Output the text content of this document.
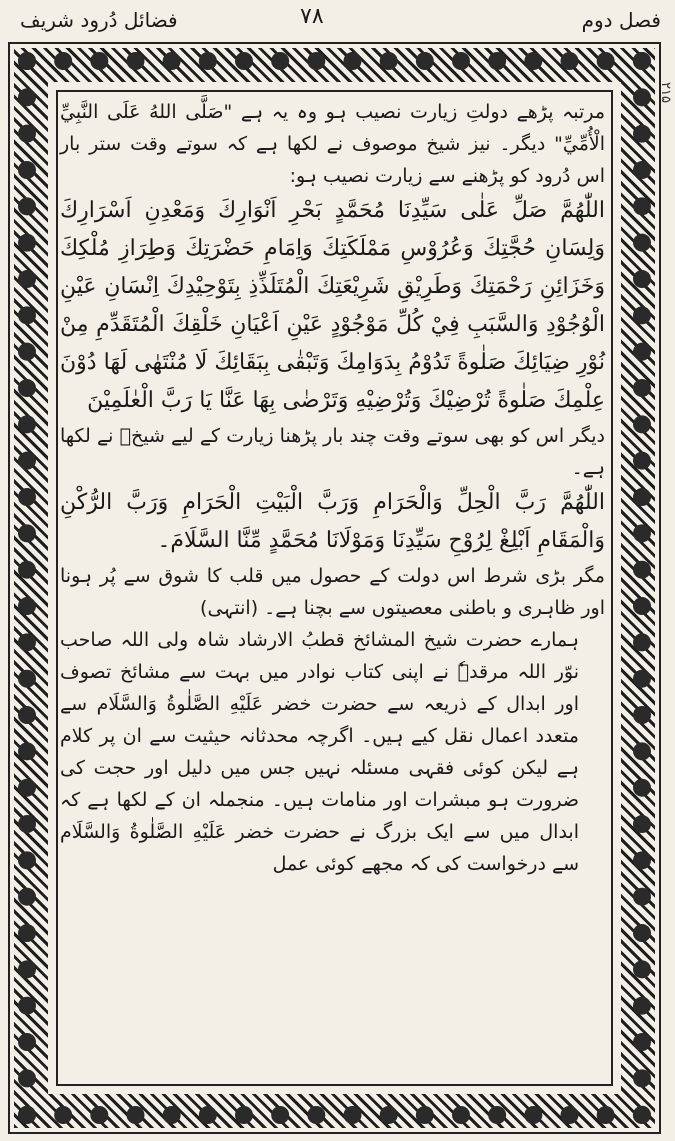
فصل دوم
۷۸
فضائل دُرود شریف
۲۱۵

مرتبہ پڑھے دولتِ زیارت نصیب ہو وہ یہ ہے "صَلَّى اللهُ عَلَى النَّبِيِّ الْأُمِّيِّ" دیگر۔ نیز شیخ موصوف نے لکھا ہے کہ سوتے وقت ستر بار اس دُرود کو پڑھنے سے زیارت نصیب ہو:

اللّٰهُمَّ صَلِّ عَلٰى سَيِّدِنَا مُحَمَّدٍ بَحْرِ اَنْوَارِكَ وَمَعْدِنِ اَسْرَارِكَ وَلِسَانِ حُجَّتِكَ وَعُرُوْسِ مَمْلَكَتِكَ وَاِمَامِ حَضْرَتِكَ وَطِرَازِ مُلْكِكَ وَخَزَائِنِ رَحْمَتِكَ وَطَرِيْقِ شَرِيْعَتِكَ الْمُتَلَذِّذِ بِتَوْحِيْدِكَ اِنْسَانِ عَيْنِ الْوُجُوْدِ وَالسَّبَبِ فِيْ كُلِّ مَوْجُوْدٍ عَيْنِ اَعْيَانِ خَلْقِكَ الْمُتَقَدِّمِ مِنْ نُوْرِ ضِيَائِكَ صَلٰوةً تَدُوْمُ بِدَوَامِكَ وَتَبْقٰى بِبَقَائِكَ لَا مُنْتَهٰى لَهَا دُوْنَ عِلْمِكَ صَلٰوةً تُرْضِيْكَ وَتُرْضِيْهِ وَتَرْضٰى بِهَا عَنَّا يَا رَبَّ الْعٰلَمِيْنَ

دیگر اس کو بھی سوتے وقت چند بار پڑھنا زیارت کے لیے شیخؒ نے لکھا ہے۔

اللّٰهُمَّ رَبَّ الْحِلِّ وَالْحَرَامِ وَرَبَّ الْبَيْتِ الْحَرَامِ وَرَبَّ الرُّكْنِ وَالْمَقَامِ اَبْلِغْ لِرُوْحِ سَيِّدِنَا وَمَوْلَانَا مُحَمَّدٍ مِّنَّا السَّلَامَ۔

مگر بڑی شرط اس دولت کے حصول میں قلب کا شوق سے پُر ہونا اور ظاہری و باطنی معصیتوں سے بچنا ہے۔ (انتہی)

ہمارے حضرت شیخ المشائخ قطبُ الارشاد شاہ ولی اللہ صاحب نوّر اللہ مرقدہٗ نے اپنی کتاب نوادر میں بہت سے مشائخ تصوف اور ابدال کے ذریعہ سے حضرت خضر عَلَيْهِ الصَّلٰوةُ وَالسَّلَام سے متعدد اعمال نقل کیے ہیں۔ اگرچہ محدثانہ حیثیت سے ان پر کلام ہے لیکن کوئی فقہی مسئلہ نہیں جس میں دلیل اور حجت کی ضرورت ہو مبشرات اور منامات ہیں۔ منجملہ ان کے لکھا ہے کہ ابدال میں سے ایک بزرگ نے حضرت خضر عَلَيْهِ الصَّلٰوةُ وَالسَّلَام سے درخواست کی کہ مجھے کوئی عمل
